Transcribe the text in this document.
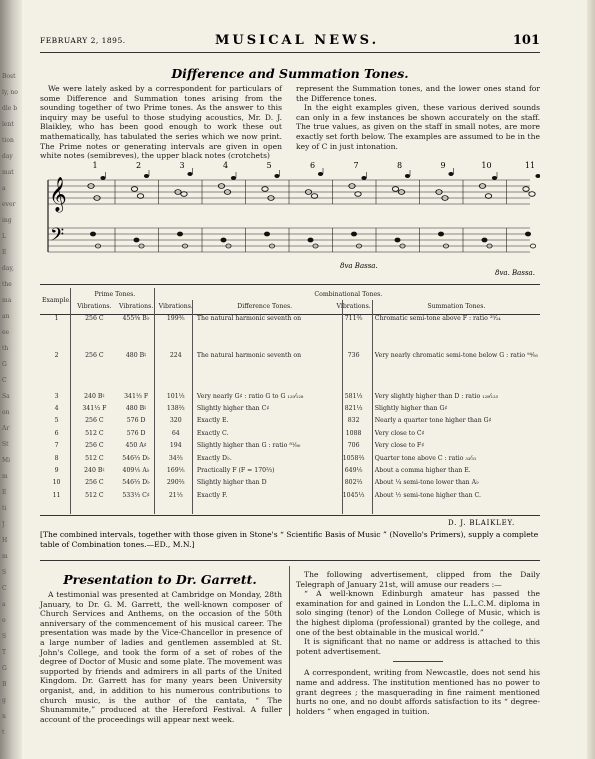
Bost
ly, no
dle b
lent
tion
day
mat
a
ever
ing
L
E
day,
the
ma
an
ee
th
G
C
Sa
on
Ar
St
Mi
m
E
ti
J
H
m
S
C
a
o
S
T
G
B
g
n
t
FEBRUARY 2, 1895.	MUSICAL NEWS.	101
Difference and Summation Tones.

We were lately asked by a correspondent for particulars of some Difference and Summation tones arising from the sounding together of two Prime tones. As the answer to this inquiry may be useful to those studying acoustics, Mr. D. J. Blaikley, who has been good enough to work these out mathematically, has tabulated the series which we now print. The Prime notes or generating intervals are given in open white notes (semibreves), the upper black notes (crotchets)

represent the Summation tones, and the lower ones stand for the Difference tones.

In the eight examples given, these various derived sounds can only in a few instances be shown accurately on the staff. The true values, as given on the staff in small notes, are more exactly set forth below. The examples are assumed to be in the key of C in just intonation.

𝄞
𝄢
1	2	3	4	5	6	7	8	9	10	11
8va Bassa.
8va. Bassa.
Example.	Prime Tones.		Combinational Tones.			
	Vibrations.	Vibrations.	Vibrations.	Difference Tones.	Vibrations.	Summation Tones.
1	256 C	455⅜ B♭	199⅗	The natural harmonic seventh on	711⅗	Chromatic semi-tone above F : ratio ²⁵⁄₂₄
2	256 C	480 B♮	224	The natural harmonic seventh on	736	Very nearly chromatic semi-tone below G : ratio ⁹⁴⁄₉₅
3	240 B♮	341⅓ F	101⅓	Very nearly G♯ : ratio G to G ₁₂₅⁄₁₂₈	581⅓	Very slightly higher than D : ratio ₁₂₈⁄₁₂₅
4	341⅓ F	480 B♮	138⅔	Slightly higher than C♯	821⅓	Slightly higher than G♯
5	256 C	576 D	320	Exactly E.	832	Nearly a quarter tone higher than G♯
6	512 C	576 D	64	Exactly C.	1088	Very close to C♯
7	256 C	450 A♯	194	Slightly higher than G : ratio ⁸¹⁄₈₀	706	Very close to F♯
8	512 C	546⅔ D♭	34⅔	Exactly D♭.	1058⅔	Quarter tone above C : ratio ₃₂⁄₃₁
9	240 B♮	409⅕ A♭	169⅕	Practically F (F = 170⅔)	649⅕	About a comma higher than E.
10	256 C	546⅔ D♭	290⅔	Slightly higher than D	802⅔	About ¼ semi-tone lower than A♭
11	512 C	533⅓ C♯	21⅓	Exactly F.	1045⅓	About ½ semi-tone higher than C.
D. J. BLAIKLEY.
[The combined intervals, together with those given in Stone's “ Scientific Basis of Music ” (Novello's Primers), supply a complete table of Combination tones.—ED., M.N.]
Presentation to Dr. Garrett.

A testimonial was presented at Cambridge on Monday, 28th January, to Dr. G. M. Garrett, the well-known composer of Church Services and Anthems, on the occasion of the 50th anniversary of the commencement of his musical career. The presentation was made by the Vice-Chancellor in presence of a large number of ladies and gentlemen assembled at St. John's College, and took the form of a set of robes of the degree of Doctor of Music and some plate. The movement was supported by friends and admirers in all parts of the United Kingdom. Dr. Garrett has for many years been University organist, and, in addition to his numerous contributions to church music, is the author of the cantata, “ The Shunammite,” produced at the Hereford Festival. A fuller account of the proceedings will appear next week.

The following advertisement, clipped from the Daily Telegraph of January 21st, will amuse our readers :—

“ A well-known Edinburgh amateur has passed the examination for and gained in London the L.L.C.M. diploma in solo singing (tenor) of the London College of Music, which is the highest diploma (professional) granted by the college, and one of the best obtainable in the musical world.”

It is significant that no name or address is attached to this potent advertisement.

A correspondent, writing from Newcastle, does not send his name and address. The institution mentioned has no power to grant degrees ; the masquerading in fine raiment mentioned hurts no one, and no doubt affords satisfaction to its “ degree-holders ” when engaged in tuition.
